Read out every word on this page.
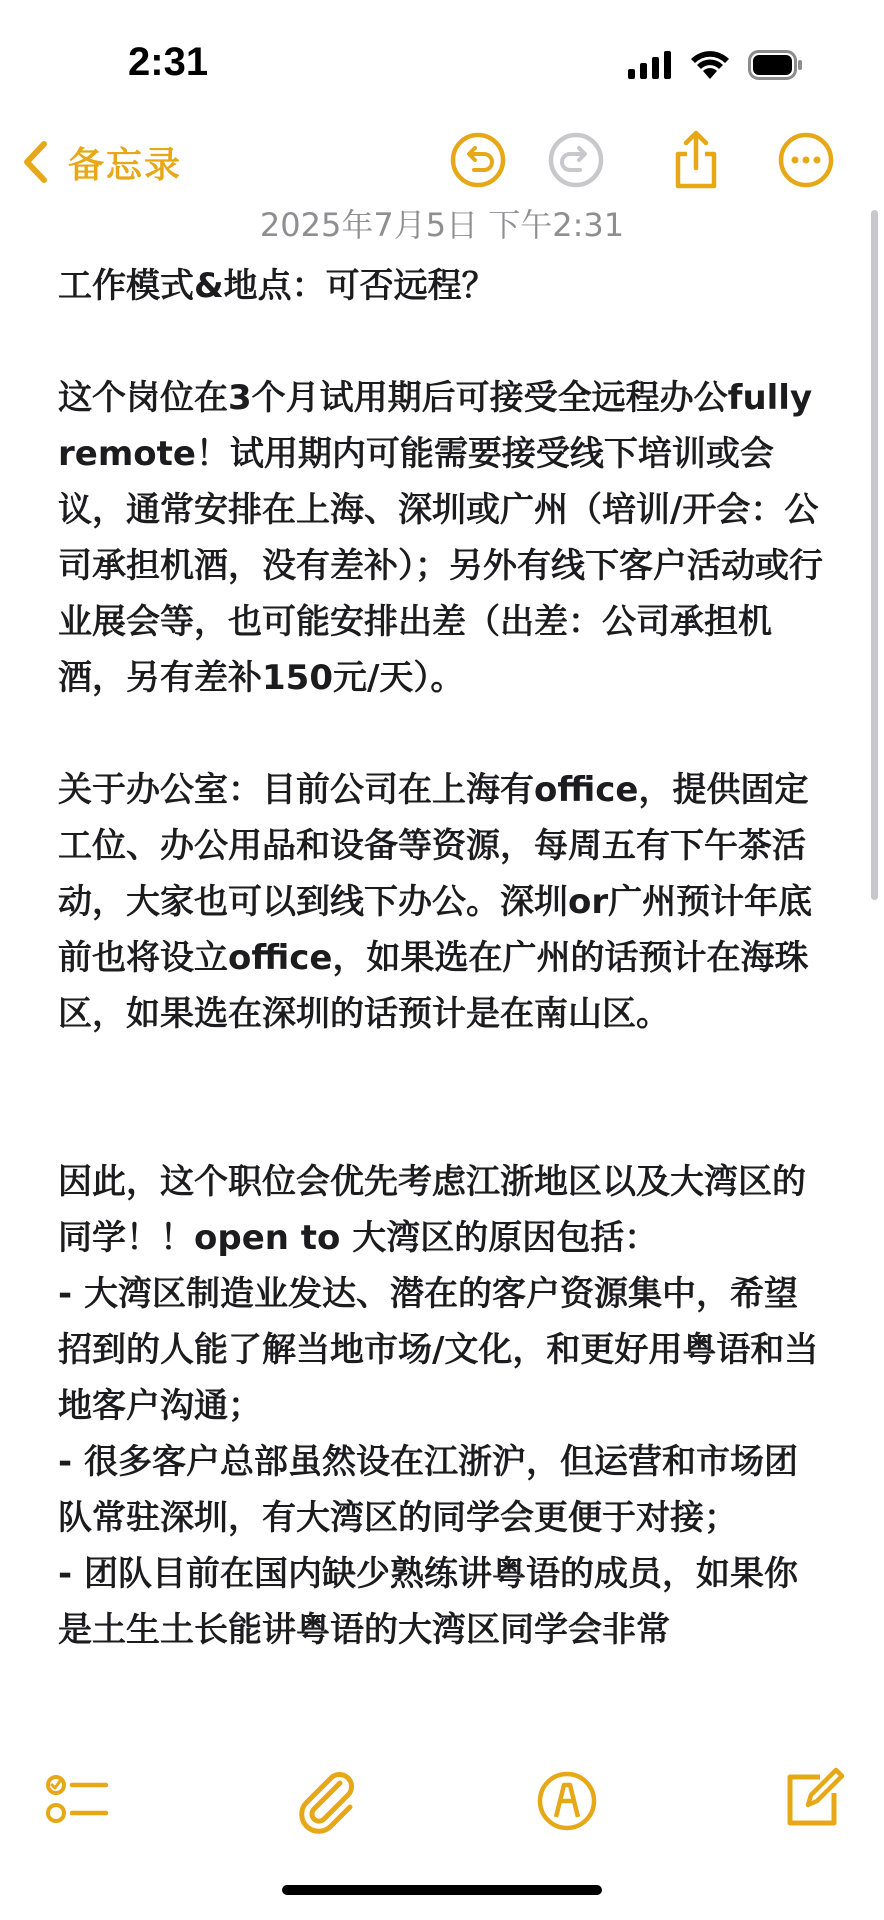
2:31
备忘录
2025年7月5日 下午2:31

工作模式&地点：可否远程？

这个岗位在3个月试用期后可接受全远程办公fully remote！试用期内可能需要接受线下培训或会议，通常安排在上海、深圳或广州（培训/开会：公司承担机酒，没有差补）；另外有线下客户活动或行业展会等，也可能安排出差（出差：公司承担机酒，另有差补150元/天）。

关于办公室：目前公司在上海有office，提供固定工位、办公用品和设备等资源，每周五有下午茶活动，大家也可以到线下办公。深圳or广州预计年底前也将设立office，如果选在广州的话预计在海珠区，如果选在深圳的话预计是在南山区。

因此，这个职位会优先考虑江浙地区以及大湾区的同学！！open to 大湾区的原因包括：
- 大湾区制造业发达、潜在的客户资源集中，希望招到的人能了解当地市场/文化，和更好用粤语和当地客户沟通；
- 很多客户总部虽然设在江浙沪，但运营和市场团队常驻深圳，有大湾区的同学会更便于对接；
- 团队目前在国内缺少熟练讲粤语的成员，如果你是土生土长能讲粤语的大湾区同学会非常
